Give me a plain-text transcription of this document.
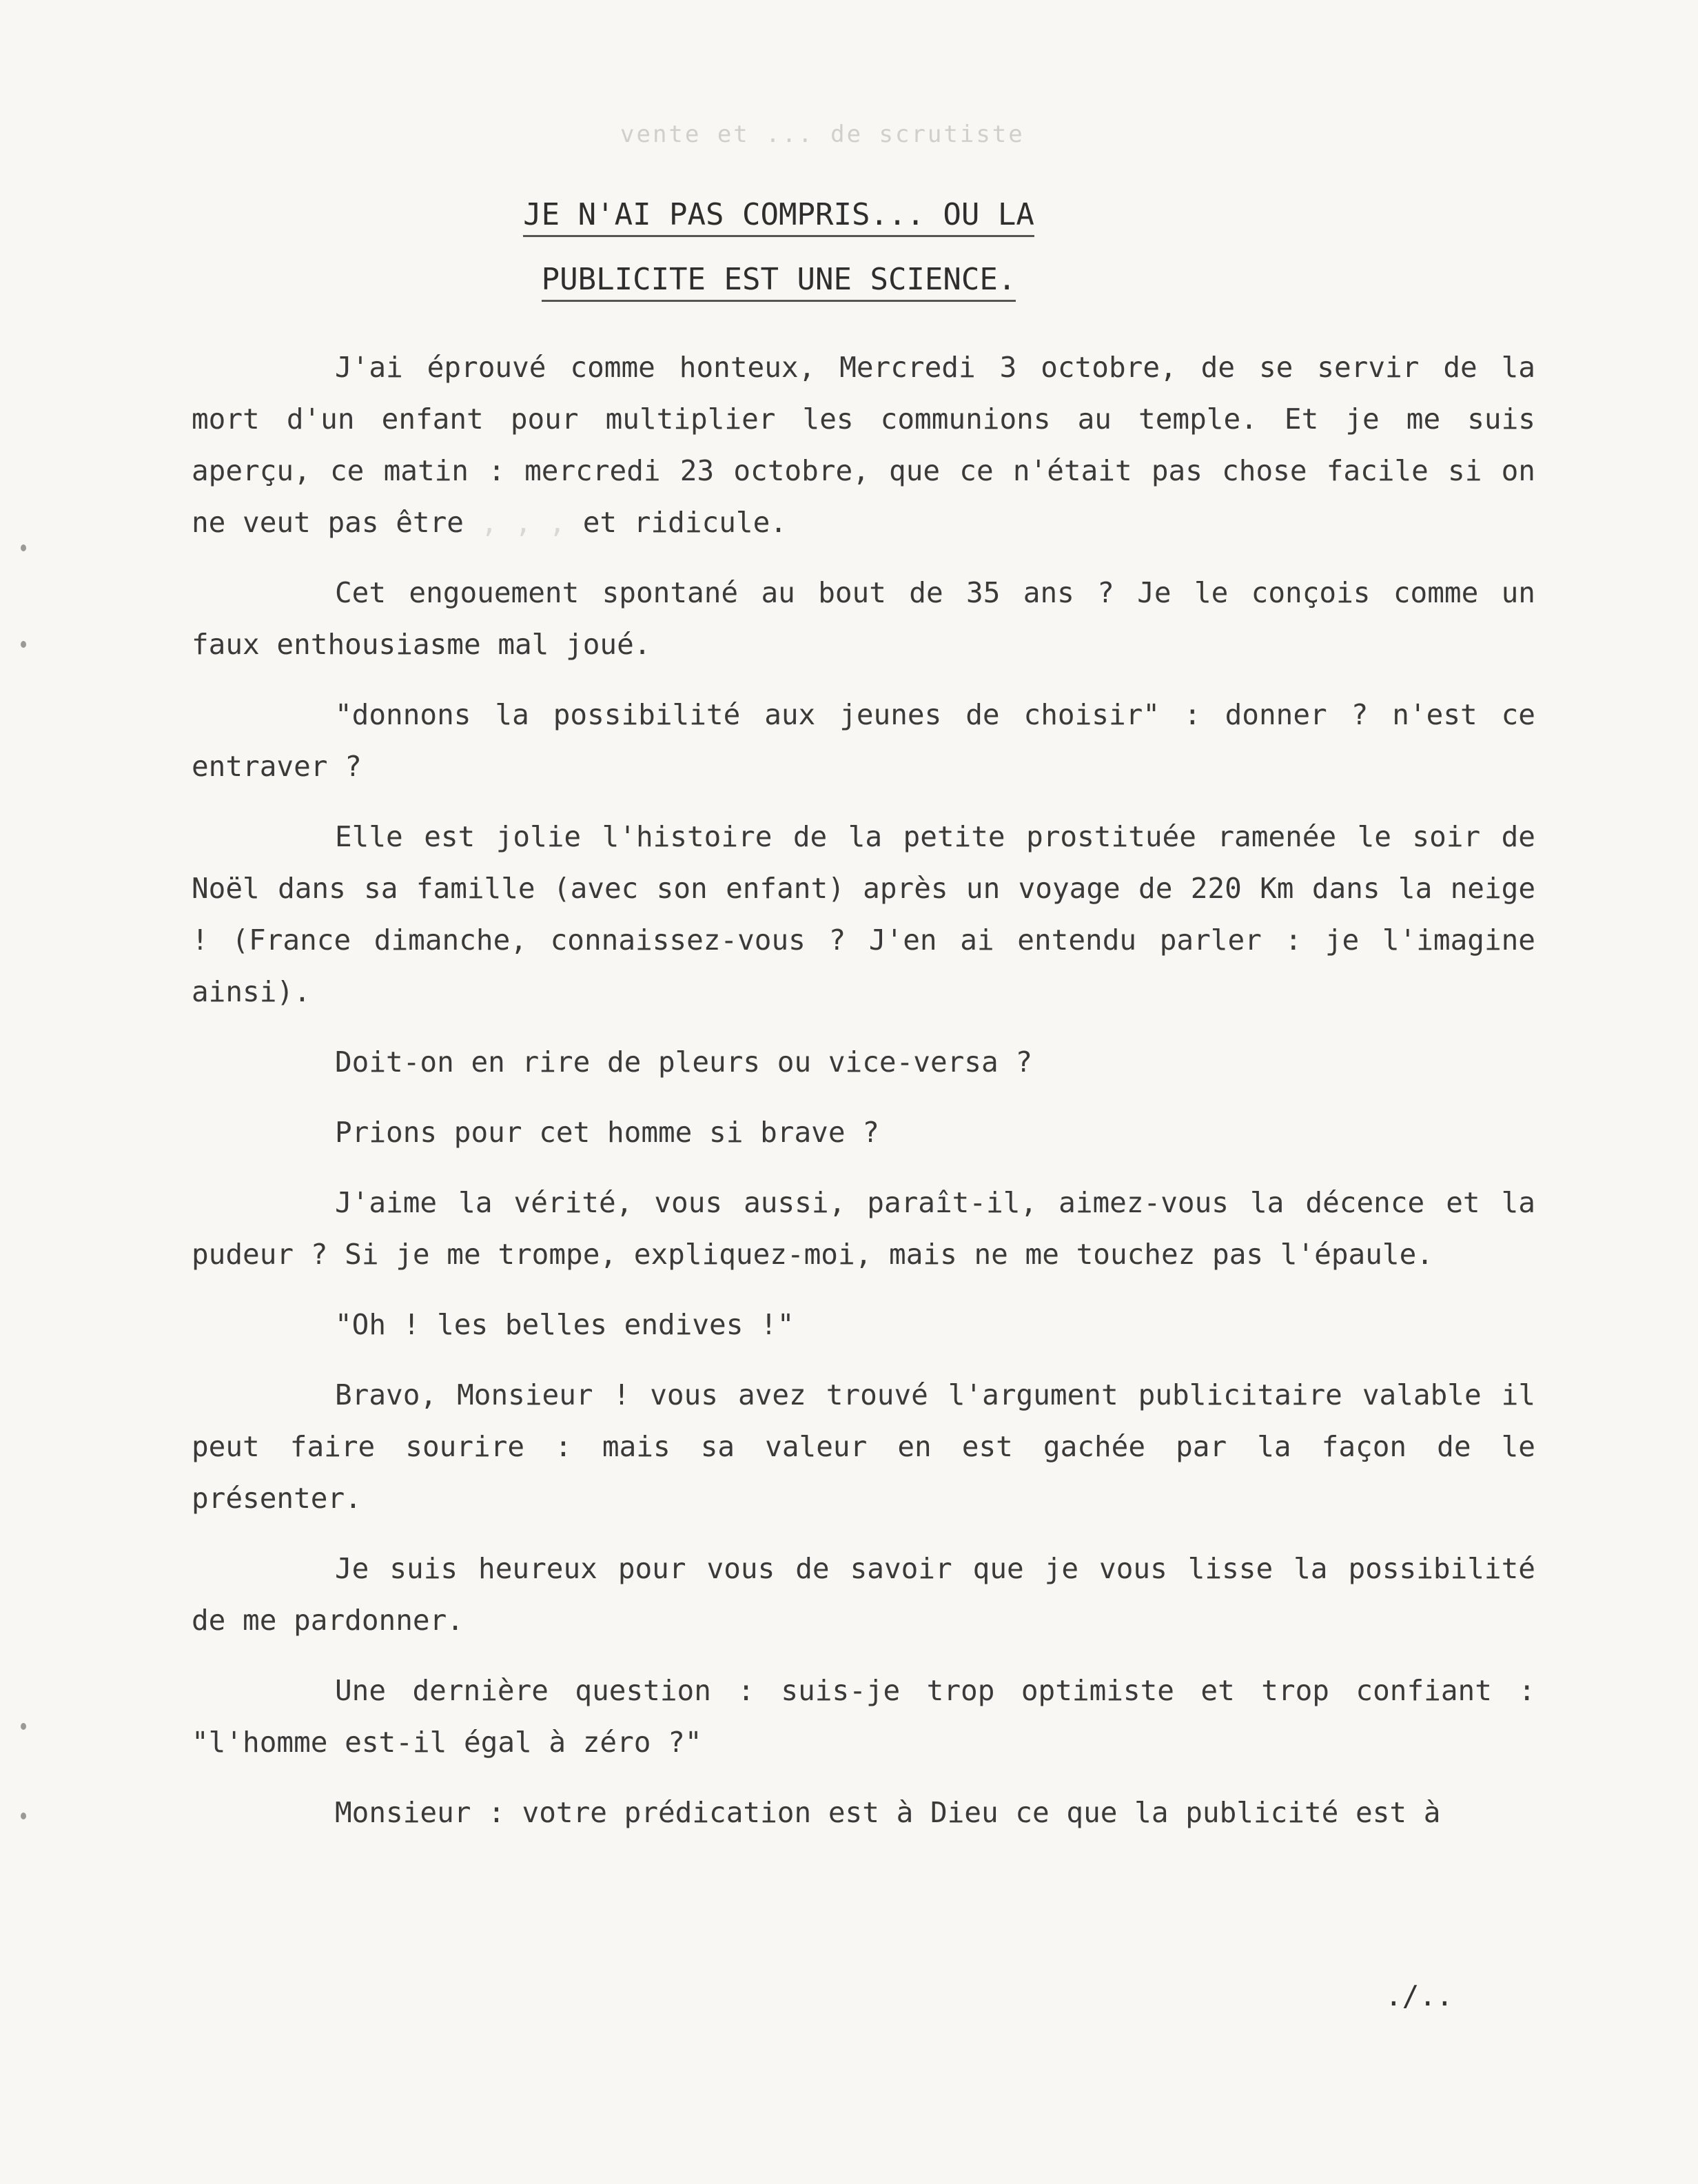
vente et ... de scrutiste
JE N'AI PAS COMPRIS... OU LA
PUBLICITE EST UNE SCIENCE.

J'ai éprouvé comme honteux, Mercredi 3 octobre, de se servir de la mort d'un enfant pour multiplier les communions au temple. Et je me suis aperçu, ce matin : mercredi 23 octobre, que ce n'était pas chose facile si on ne veut pas être , , , et ridicule.

Cet engouement spontané au bout de 35 ans ? Je le conçois comme un faux enthousiasme mal joué.

"donnons la possibilité aux jeunes de choisir" : donner ? n'est ce entraver ?

Elle est jolie l'histoire de la petite prostituée ramenée le soir de Noël dans sa famille (avec son enfant) après un voyage de 220 Km dans la neige ! (France dimanche, connaissez-vous ? J'en ai entendu parler : je l'imagine ainsi).

Doit-on en rire de pleurs ou vice-versa ?

Prions pour cet homme si brave ?

J'aime la vérité, vous aussi, paraît-il, aimez-vous la décence et la pudeur ? Si je me trompe, expliquez-moi, mais ne me touchez pas l'épaule.

"Oh ! les belles endives !"

Bravo, Monsieur ! vous avez trouvé l'argument publicitaire valable il peut faire sourire : mais sa valeur en est gachée par la façon de le présenter.

Je suis heureux pour vous de savoir que je vous lisse la possibilité de me pardonner.

Une dernière question : suis-je trop optimiste et trop confiant : "l'homme est-il égal à zéro ?"

Monsieur : votre prédication est à Dieu ce que la publicité est à

./..
